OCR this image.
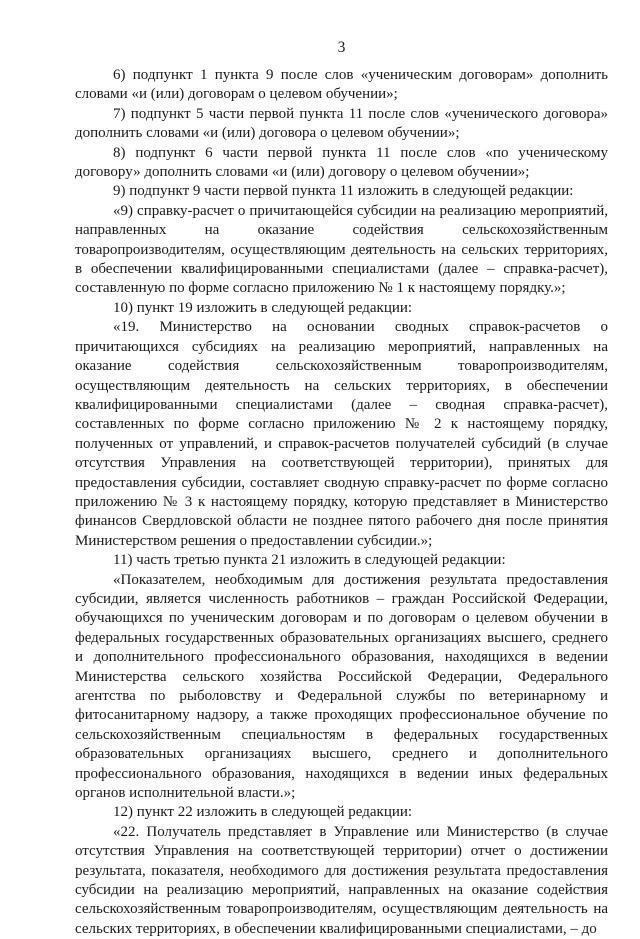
3

6) подпункт 1 пункта 9 после слов «ученическим договорам» дополнить словами «и (или) договорам о целевом обучении»;

7) подпункт 5 части первой пункта 11 после слов «ученического договора» дополнить словами «и (или) договора о целевом обучении»;

8) подпункт 6 части первой пункта 11 после слов «по ученическому договору» дополнить словами «и (или) договору о целевом обучении»;

9) подпункт 9 части первой пункта 11 изложить в следующей редакции:

«9) справку-расчет о причитающейся субсидии на реализацию мероприятий, направленных на оказание содействия сельскохозяйственным товаропроизводителям, осуществляющим деятельность на сельских территориях, в обеспечении квалифицированными специалистами (далее – справка-расчет), составленную по форме согласно приложению № 1 к настоящему порядку.»;

10) пункт 19 изложить в следующей редакции:

«19. Министерство на основании сводных справок-расчетов о причитающихся субсидиях на реализацию мероприятий, направленных на оказание содействия сельскохозяйственным товаропроизводителям, осуществляющим деятельность на сельских территориях, в обеспечении квалифицированными специалистами (далее – сводная справка-расчет), составленных по форме согласно приложению № 2 к настоящему порядку, полученных от управлений, и справок-расчетов получателей субсидий (в случае отсутствия Управления на соответствующей территории), принятых для предоставления субсидии, составляет сводную справку-расчет по форме согласно приложению № 3 к настоящему порядку, которую представляет в Министерство финансов Свердловской области не позднее пятого рабочего дня после принятия Министерством решения о предоставлении субсидии.»;

11) часть третью пункта 21 изложить в следующей редакции:

«Показателем, необходимым для достижения результата предоставления субсидии, является численность работников – граждан Российской Федерации, обучающихся по ученическим договорам и по договорам о целевом обучении в федеральных государственных образовательных организациях высшего, среднего и дополнительного профессионального образования, находящихся в ведении Министерства сельского хозяйства Российской Федерации, Федерального агентства по рыболовству и Федеральной службы по ветеринарному и фитосанитарному надзору, а также проходящих профессиональное обучение по сельскохозяйственным специальностям в федеральных государственных образовательных организациях высшего, среднего и дополнительного профессионального образования, находящихся в ведении иных федеральных органов исполнительной власти.»;

12) пункт 22 изложить в следующей редакции:

«22. Получатель представляет в Управление или Министерство (в случае отсутствия Управления на соответствующей территории) отчет о достижении результата, показателя, необходимого для достижения результата предоставления субсидии на реализацию мероприятий, направленных на оказание содействия сельскохозяйственным товаропроизводителям, осуществляющим деятельность на сельских территориях, в обеспечении квалифицированными специалистами, – до
